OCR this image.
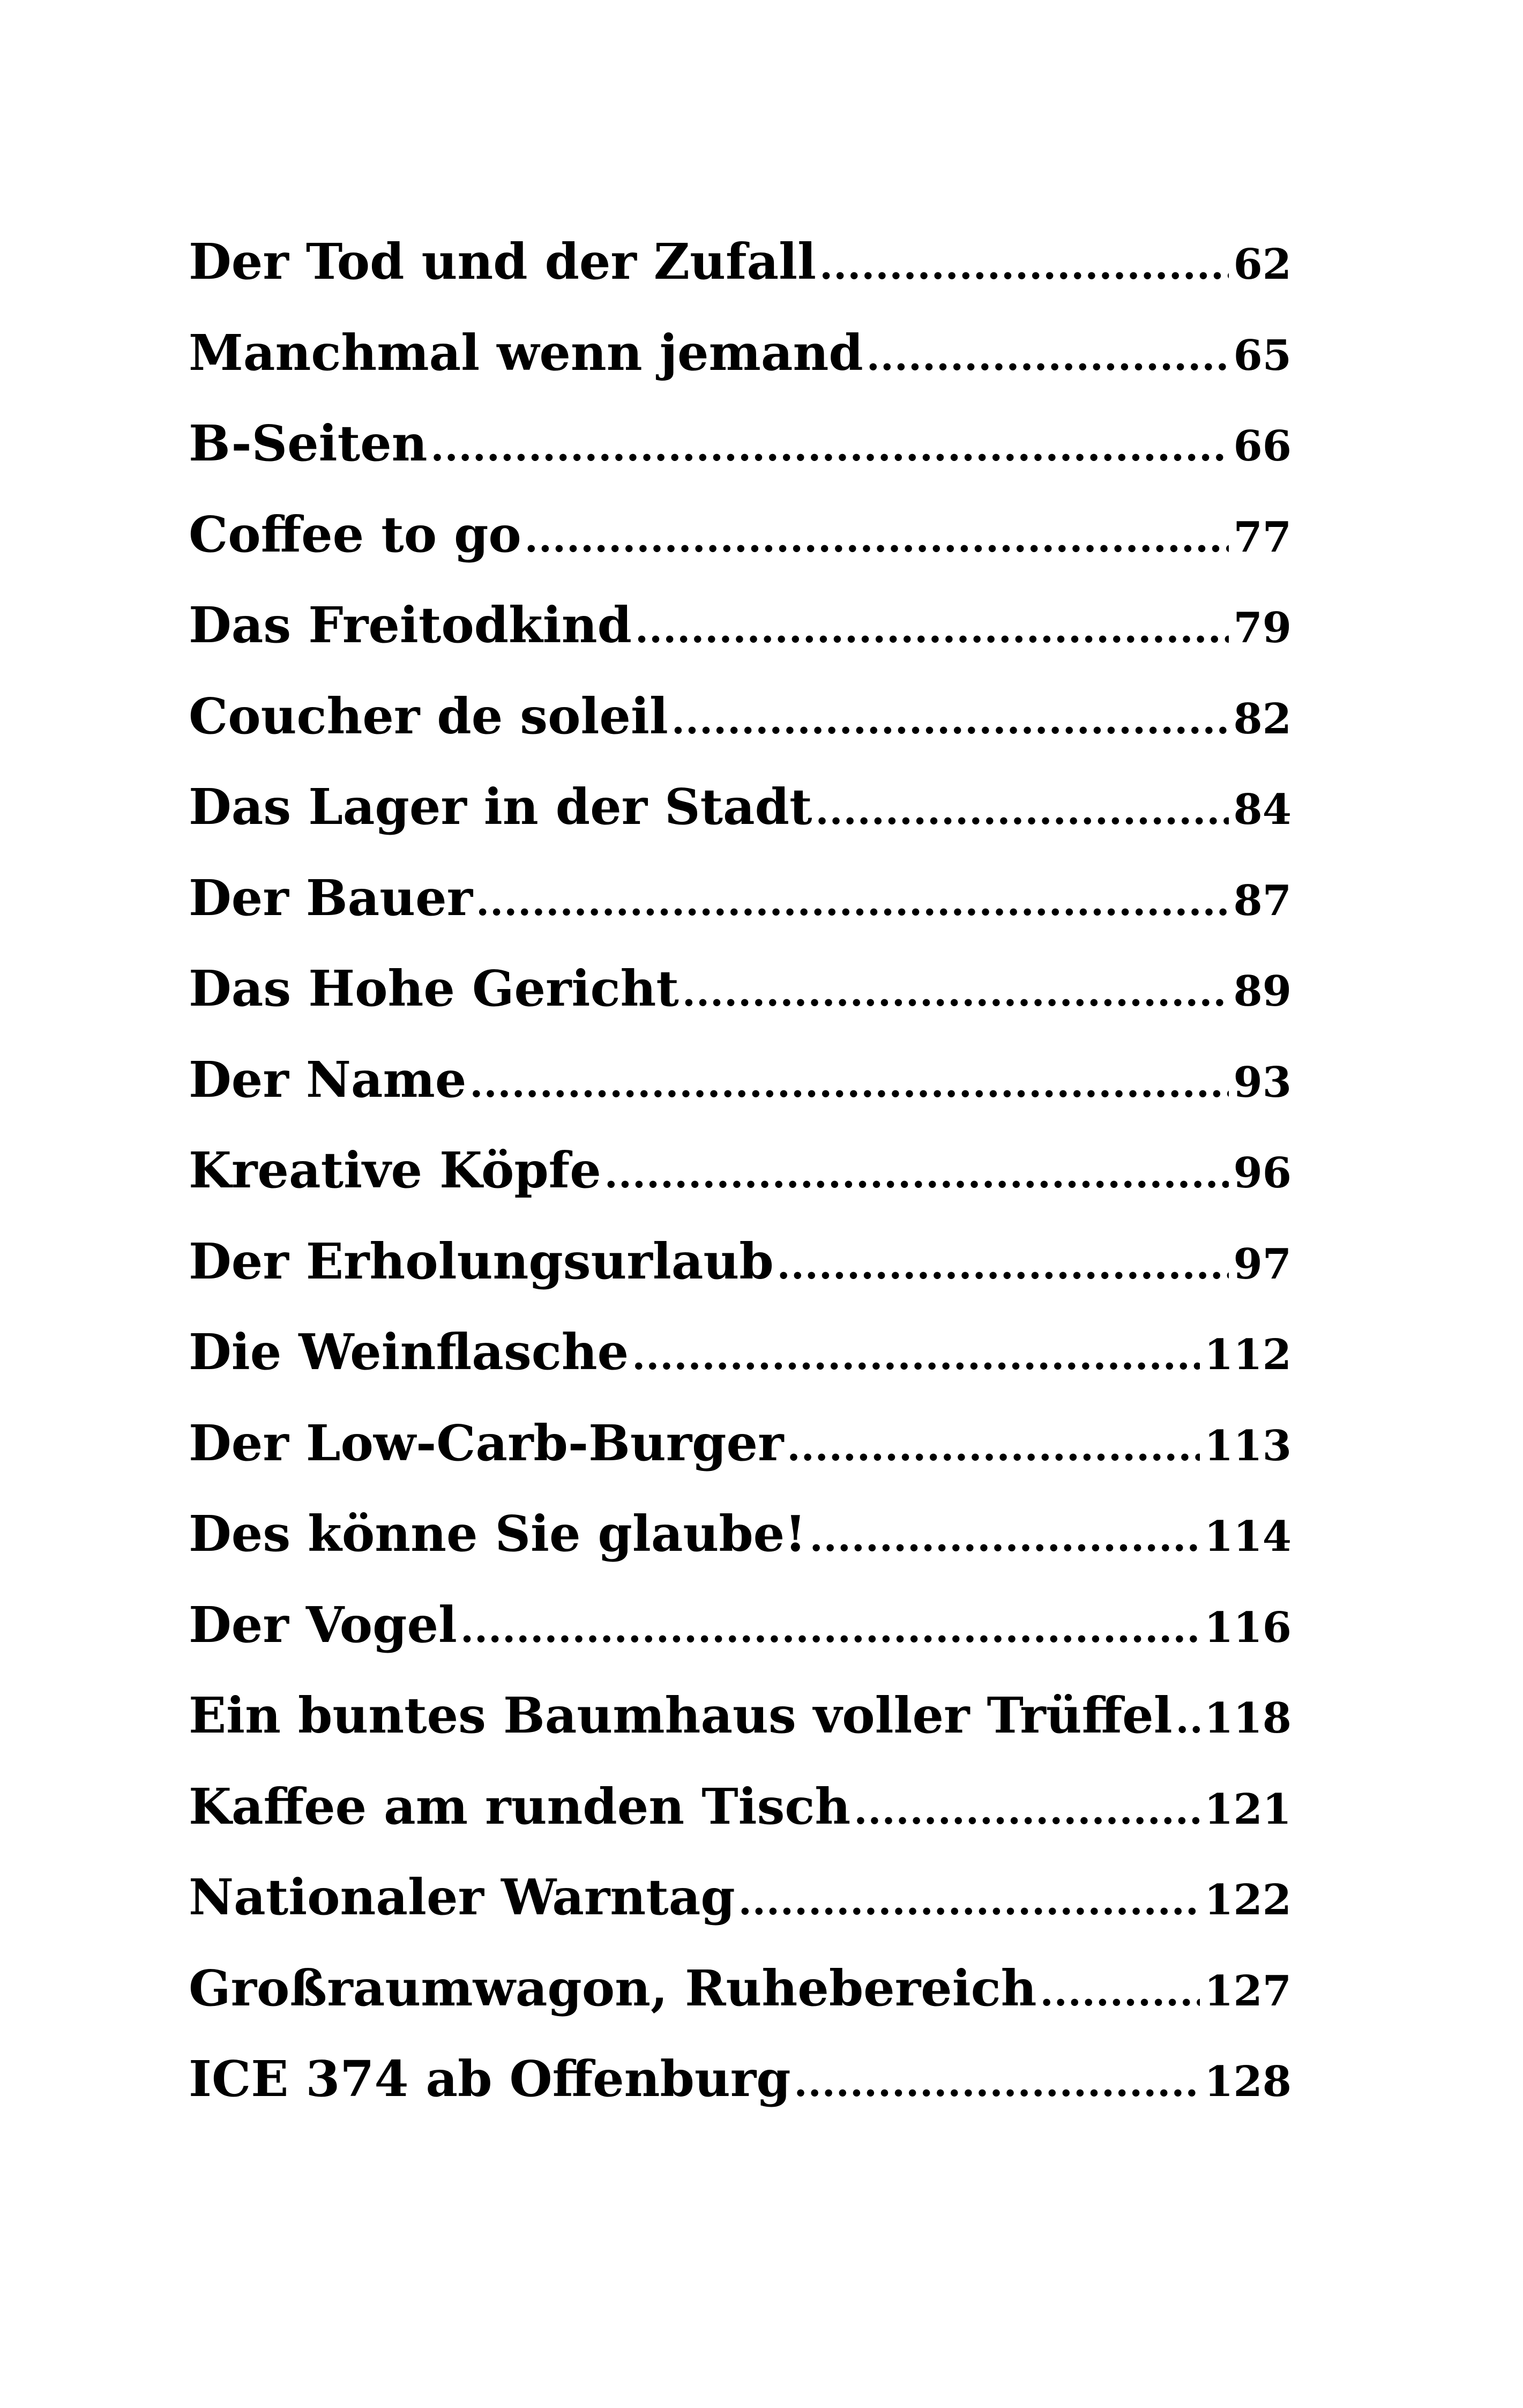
Der Tod und der Zufall .....	62
Manchmal wenn jemand .....	65
B-Seiten .....	66
Coffee to go .....	77
Das Freitodkind .....	79
Coucher de soleil .....	82
Das Lager in der Stadt .....	84
Der Bauer .....	87
Das Hohe Gericht .....	89
Der Name .....	93
Kreative Köpfe .....	96
Der Erholungsurlaub .....	97
Die Weinflasche .....	112
Der Low-Carb-Burger .....	113
Des könne Sie glaube! .....	114
Der Vogel .....	116
Ein buntes Baumhaus voller Trüffel ..... 118
Kaffee am runden Tisch .....	121
Nationaler Warntag .....	122
Großraumwagon, Ruhebereich .....	127
ICE 374 ab Offenburg .....	128
